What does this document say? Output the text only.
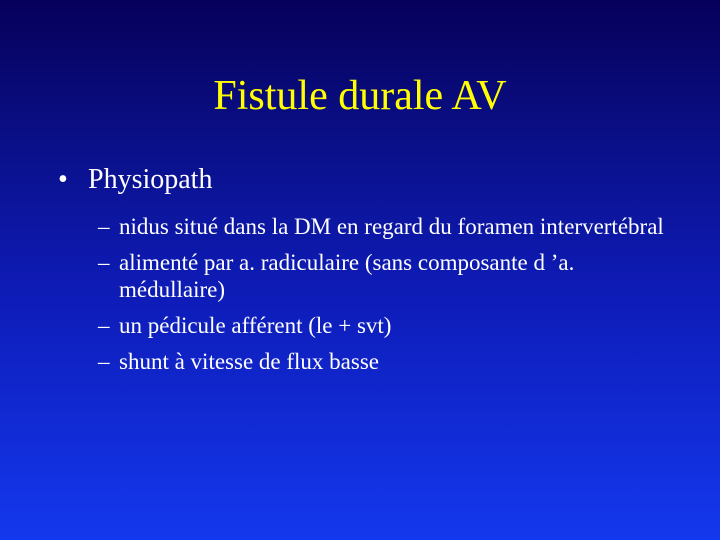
Fistule durale AV
• Physiopath
– nidus situé dans la DM en regard du foramen intervertébral
– alimenté par a. radiculaire (sans composante d ’a. médullaire)
– un pédicule afférent (le + svt)
– shunt à vitesse de flux basse
